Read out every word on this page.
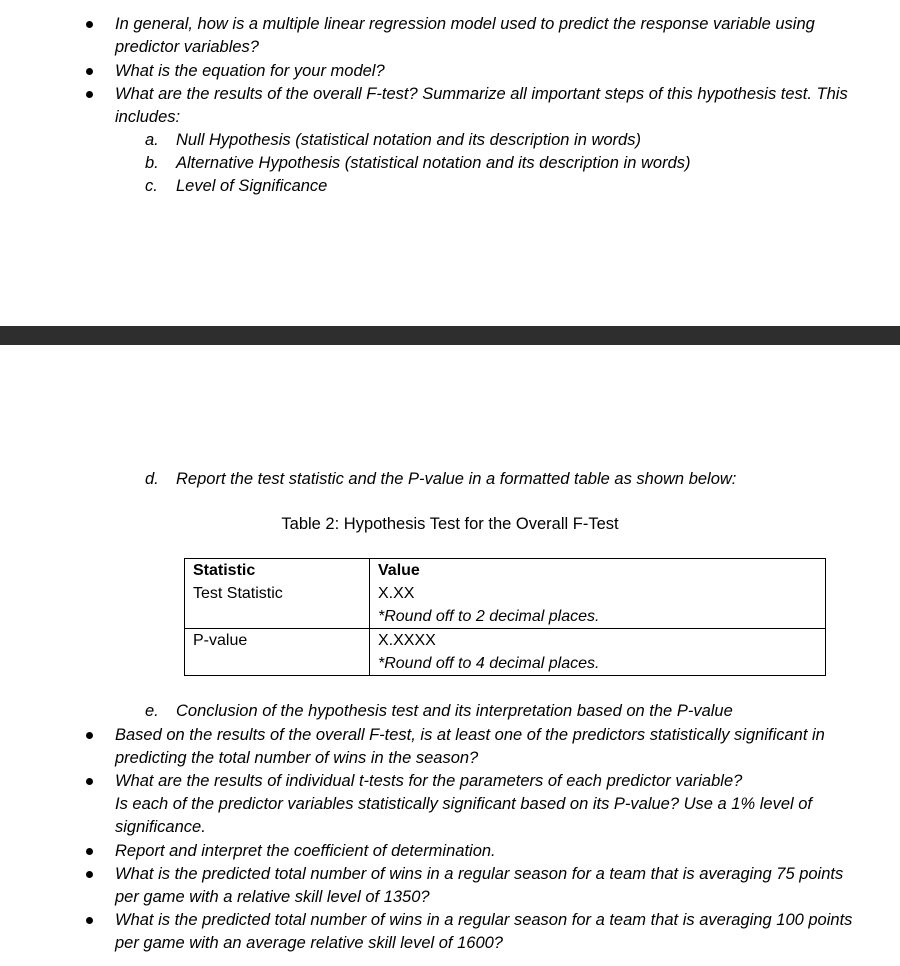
In general, how is a multiple linear regression model used to predict the response variable using predictor variables?
What is the equation for your model?
What are the results of the overall F-test? Summarize all important steps of this hypothesis test. This includes:
a. Null Hypothesis (statistical notation and its description in words)
b. Alternative Hypothesis (statistical notation and its description in words)
c. Level of Significance
d. Report the test statistic and the P-value in a formatted table as shown below:
Table 2: Hypothesis Test for the Overall F-Test
Statistic	Value
Test Statistic	X.XX
*Round off to 2 decimal places.

P-value	X.XXXX
*Round off to 4 decimal places.
e. Conclusion of the hypothesis test and its interpretation based on the P-value
Based on the results of the overall F-test, is at least one of the predictors statistically significant in predicting the total number of wins in the season?
What are the results of individual t-tests for the parameters of each predictor variable?
Is each of the predictor variables statistically significant based on its P-value? Use a 1% level of significance.
Report and interpret the coefficient of determination.
What is the predicted total number of wins in a regular season for a team that is averaging 75 points per game with a relative skill level of 1350?
What is the predicted total number of wins in a regular season for a team that is averaging 100 points per game with an average relative skill level of 1600?
